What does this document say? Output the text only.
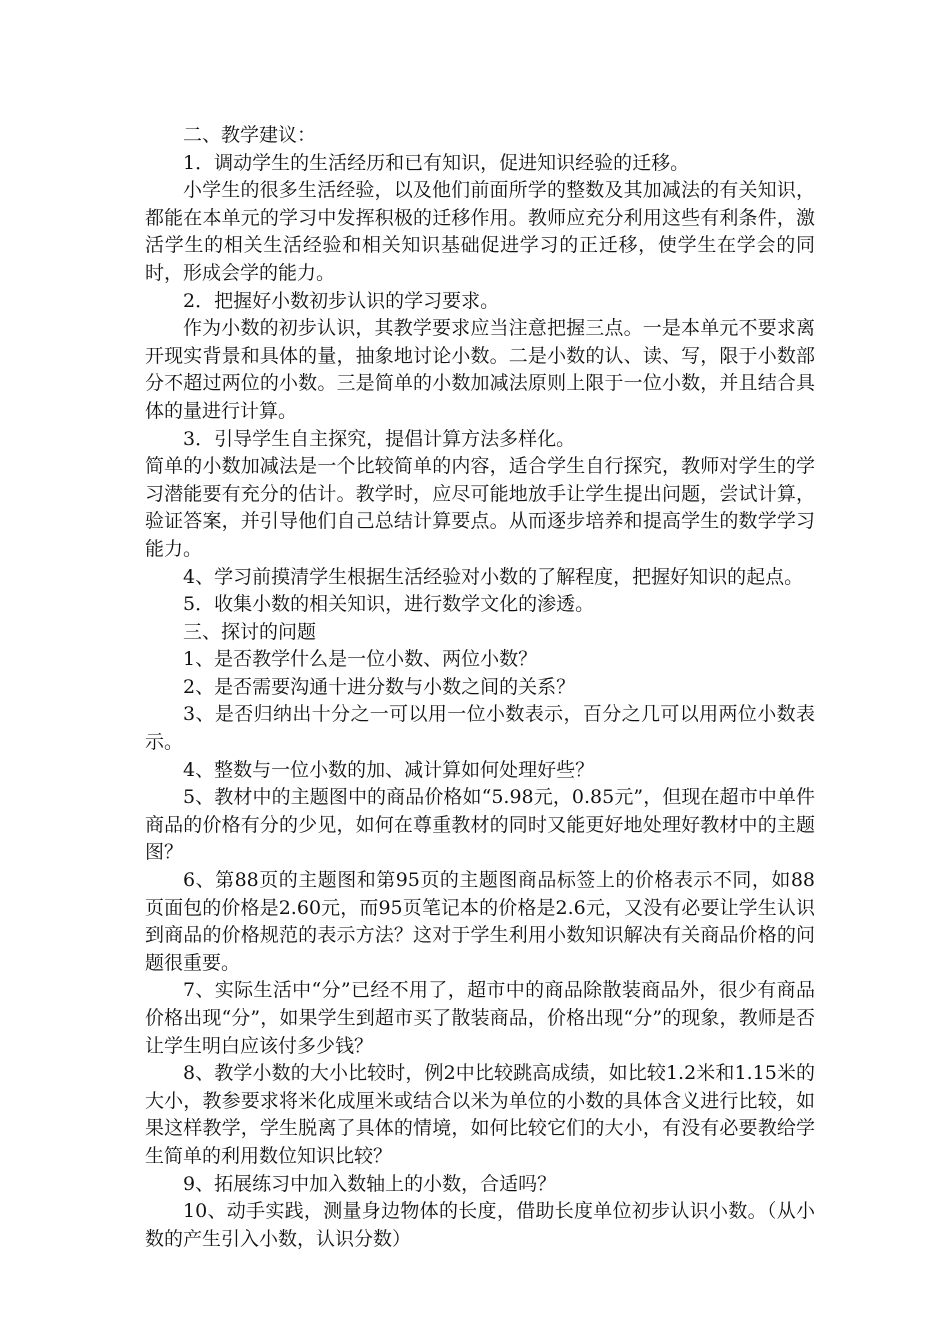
二、教学建议：

1．调动学生的生活经历和已有知识，促进知识经验的迁移。

小学生的很多生活经验，以及他们前面所学的整数及其加减法的有关知识，都能在本单元的学习中发挥积极的迁移作用。教师应充分利用这些有利条件，激活学生的相关生活经验和相关知识基础促进学习的正迁移，使学生在学会的同时，形成会学的能力。

2．把握好小数初步认识的学习要求。

作为小数的初步认识，其教学要求应当注意把握三点。一是本单元不要求离开现实背景和具体的量，抽象地讨论小数。二是小数的认、读、写，限于小数部分不超过两位的小数。三是简单的小数加减法原则上限于一位小数，并且结合具体的量进行计算。

3．引导学生自主探究，提倡计算方法多样化。

简单的小数加减法是一个比较简单的内容，适合学生自行探究，教师对学生的学习潜能要有充分的估计。教学时，应尽可能地放手让学生提出问题，尝试计算，验证答案，并引导他们自己总结计算要点。从而逐步培养和提高学生的数学学习能力。

4、学习前摸清学生根据生活经验对小数的了解程度，把握好知识的起点。

5．收集小数的相关知识，进行数学文化的渗透。

三、探讨的问题

1、是否教学什么是一位小数、两位小数？

2、是否需要沟通十进分数与小数之间的关系？

3、是否归纳出十分之一可以用一位小数表示，百分之几可以用两位小数表示。

4、整数与一位小数的加、减计算如何处理好些？

5、教材中的主题图中的商品价格如“5.98元，0.85元”，但现在超市中单件商品的价格有分的少见，如何在尊重教材的同时又能更好地处理好教材中的主题图？

6、第88页的主题图和第95页的主题图商品标签上的价格表示不同，如88页面包的价格是2.60元，而95页笔记本的价格是2.6元，又没有必要让学生认识到商品的价格规范的表示方法？这对于学生利用小数知识解决有关商品价格的问题很重要。

7、实际生活中“分”已经不用了，超市中的商品除散装商品外，很少有商品价格出现“分”，如果学生到超市买了散装商品，价格出现“分”的现象，教师是否让学生明白应该付多少钱？

8、教学小数的大小比较时，例2中比较跳高成绩，如比较1.2米和1.15米的大小，教参要求将米化成厘米或结合以米为单位的小数的具体含义进行比较，如果这样教学，学生脱离了具体的情境，如何比较它们的大小，有没有必要教给学生简单的利用数位知识比较？

9、拓展练习中加入数轴上的小数，合适吗？

10、动手实践，测量身边物体的长度，借助长度单位初步认识小数。（从小数的产生引入小数，认识分数）
